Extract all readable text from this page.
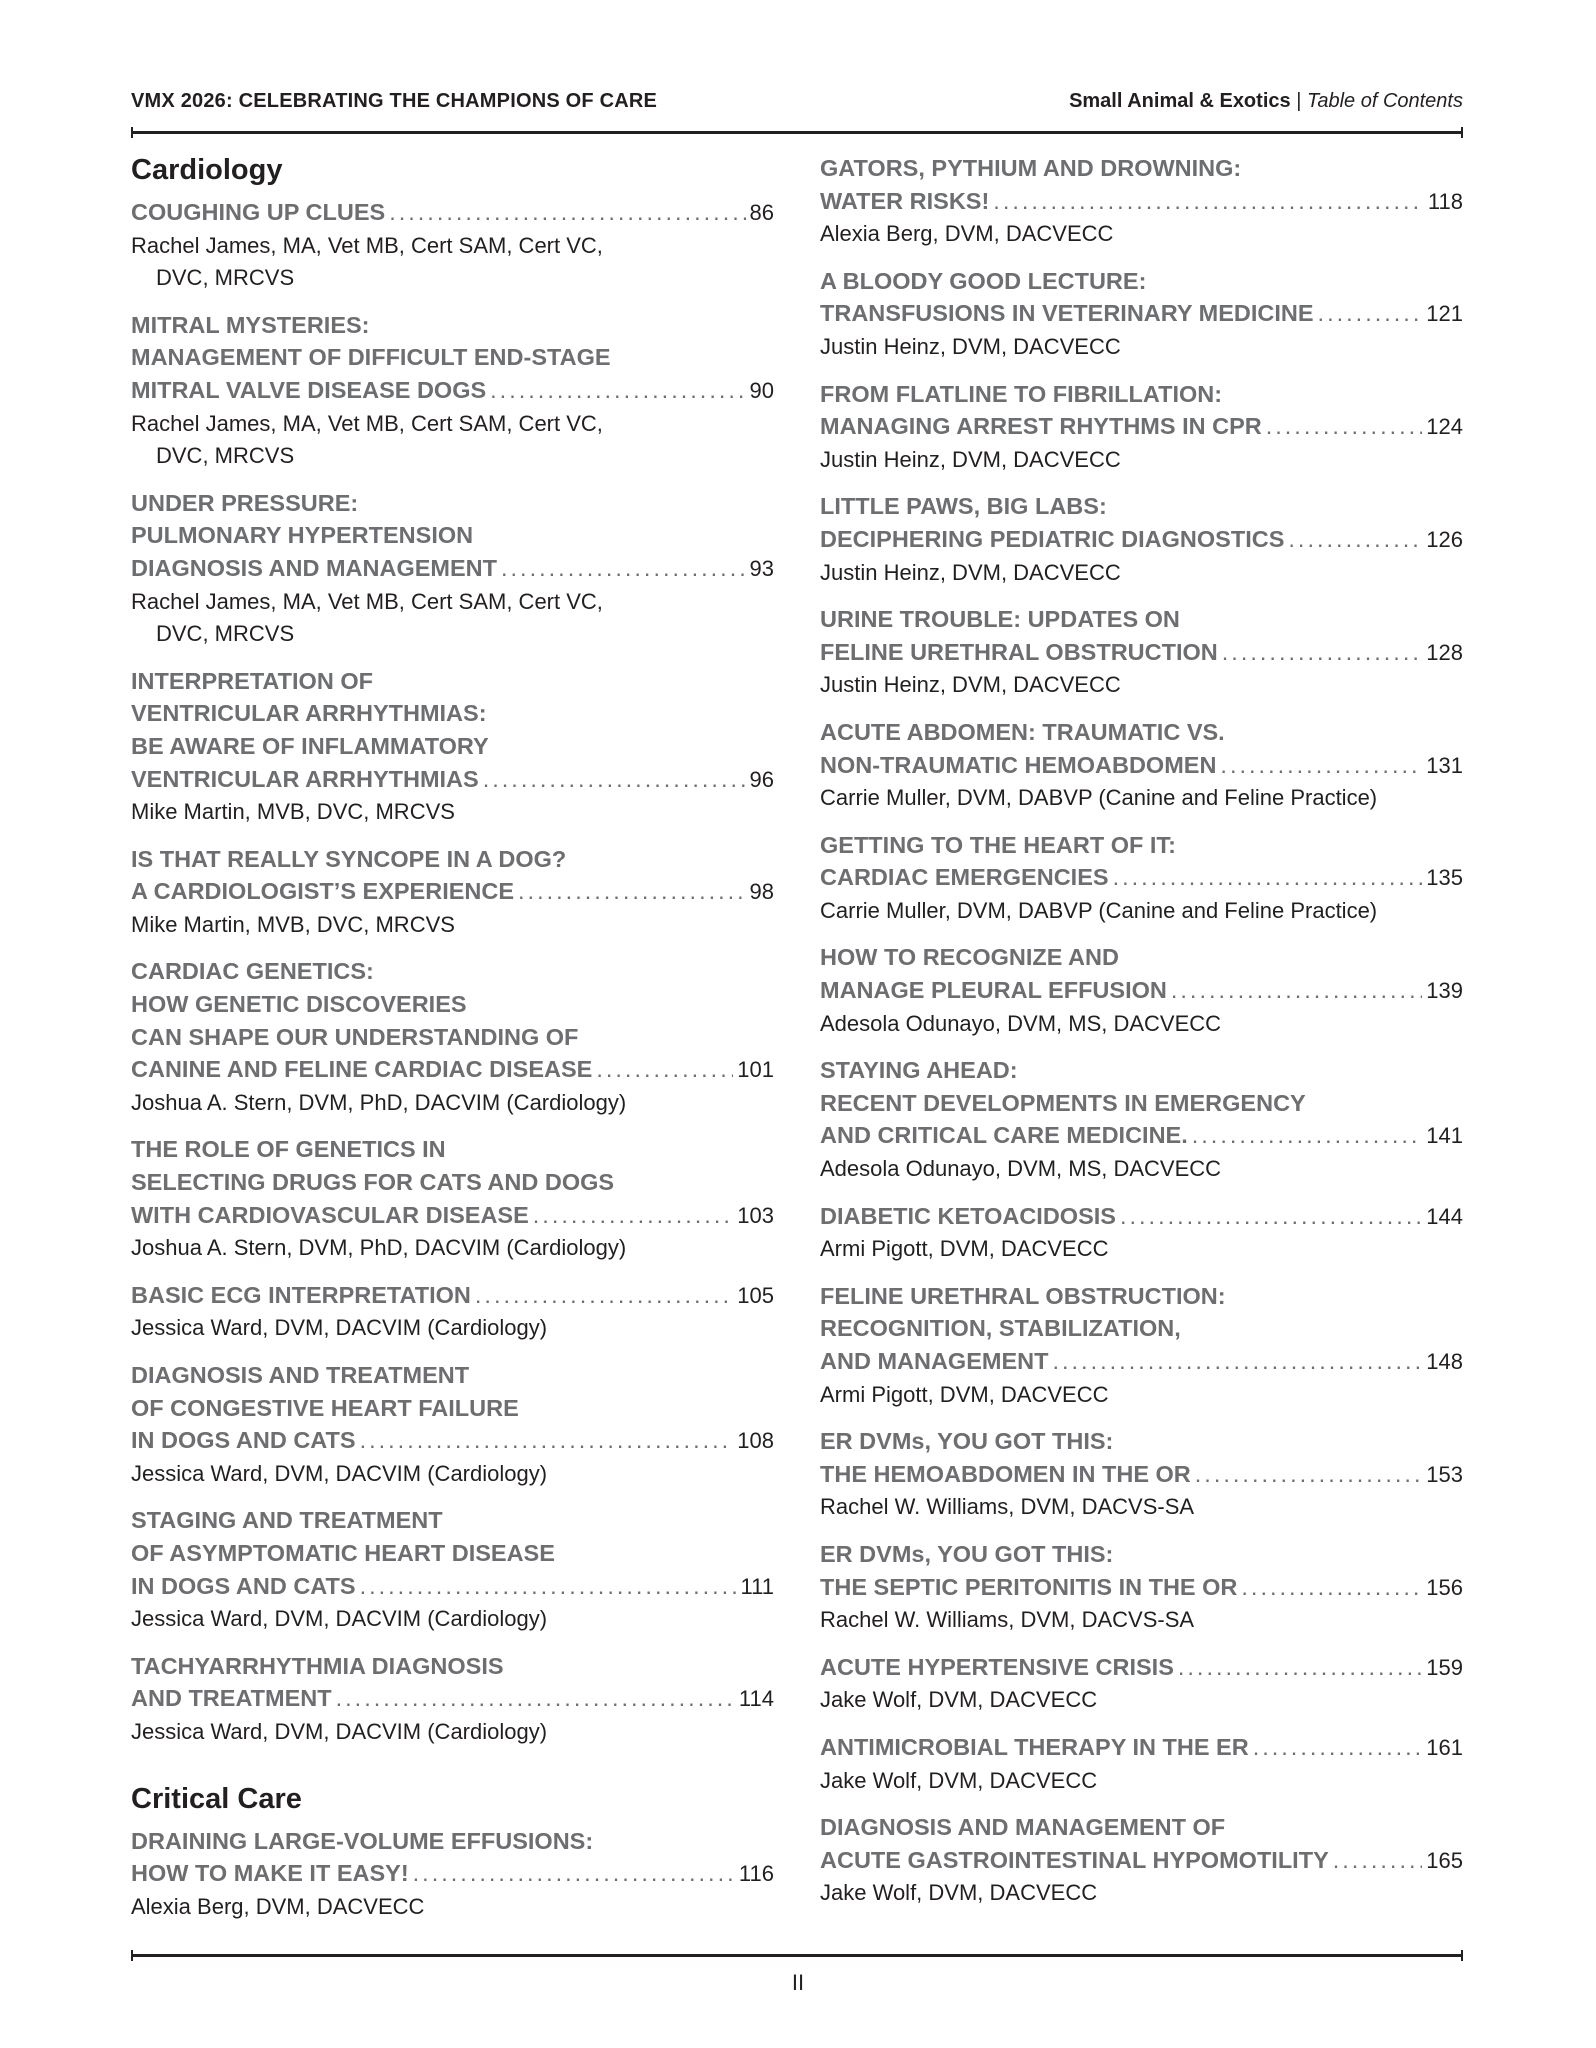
VMX 2026: CELEBRATING THE CHAMPIONS OF CARE	Small Animal & Exotics | Table of Contents
Cardiology
COUGHING UP CLUES .....	86
Rachel James, MA, Vet MB, Cert SAM, Cert VC,
DVC, MRCVS
MITRAL MYSTERIES:
MANAGEMENT OF DIFFICULT END-STAGE
MITRAL VALVE DISEASE DOGS .....	90
Rachel James, MA, Vet MB, Cert SAM, Cert VC,
DVC, MRCVS
UNDER PRESSURE:
PULMONARY HYPERTENSION
DIAGNOSIS AND MANAGEMENT .....	93
Rachel James, MA, Vet MB, Cert SAM, Cert VC,
DVC, MRCVS
INTERPRETATION OF
VENTRICULAR ARRHYTHMIAS:
BE AWARE OF INFLAMMATORY
VENTRICULAR ARRHYTHMIAS .....	96
Mike Martin, MVB, DVC, MRCVS
IS THAT REALLY SYNCOPE IN A DOG?
A CARDIOLOGIST’S EXPERIENCE .....	98
Mike Martin, MVB, DVC, MRCVS
CARDIAC GENETICS:
HOW GENETIC DISCOVERIES
CAN SHAPE OUR UNDERSTANDING OF
CANINE AND FELINE CARDIAC DISEASE .....	101
Joshua A. Stern, DVM, PhD, DACVIM (Cardiology)
THE ROLE OF GENETICS IN
SELECTING DRUGS FOR CATS AND DOGS
WITH CARDIOVASCULAR DISEASE .....	103
Joshua A. Stern, DVM, PhD, DACVIM (Cardiology)
BASIC ECG INTERPRETATION .....	105
Jessica Ward, DVM, DACVIM (Cardiology)
DIAGNOSIS AND TREATMENT
OF CONGESTIVE HEART FAILURE
IN DOGS AND CATS .....	108
Jessica Ward, DVM, DACVIM (Cardiology)
STAGING AND TREATMENT
OF ASYMPTOMATIC HEART DISEASE
IN DOGS AND CATS .....	111
Jessica Ward, DVM, DACVIM (Cardiology)
TACHYARRHYTHMIA DIAGNOSIS
AND TREATMENT .....	114
Jessica Ward, DVM, DACVIM (Cardiology)
Critical Care
DRAINING LARGE-VOLUME EFFUSIONS:
HOW TO MAKE IT EASY! .....	116
Alexia Berg, DVM, DACVECC
GATORS, PYTHIUM AND DROWNING:
WATER RISKS! .....	118
Alexia Berg, DVM, DACVECC
A BLOODY GOOD LECTURE:
TRANSFUSIONS IN VETERINARY MEDICINE .....	121
Justin Heinz, DVM, DACVECC
FROM FLATLINE TO FIBRILLATION:
MANAGING ARREST RHYTHMS IN CPR .....	124
Justin Heinz, DVM, DACVECC
LITTLE PAWS, BIG LABS:
DECIPHERING PEDIATRIC DIAGNOSTICS .....	126
Justin Heinz, DVM, DACVECC
URINE TROUBLE: UPDATES ON
FELINE URETHRAL OBSTRUCTION .....	128
Justin Heinz, DVM, DACVECC
ACUTE ABDOMEN: TRAUMATIC VS.
NON-TRAUMATIC HEMOABDOMEN .....	131
Carrie Muller, DVM, DABVP (Canine and Feline Practice)
GETTING TO THE HEART OF IT:
CARDIAC EMERGENCIES .....	135
Carrie Muller, DVM, DABVP (Canine and Feline Practice)
HOW TO RECOGNIZE AND
MANAGE PLEURAL EFFUSION .....	139
Adesola Odunayo, DVM, MS, DACVECC
STAYING AHEAD:
RECENT DEVELOPMENTS IN EMERGENCY
AND CRITICAL CARE MEDICINE. .....	141
Adesola Odunayo, DVM, MS, DACVECC
DIABETIC KETOACIDOSIS .....	144
Armi Pigott, DVM, DACVECC
FELINE URETHRAL OBSTRUCTION:
RECOGNITION, STABILIZATION,
AND MANAGEMENT .....	148
Armi Pigott, DVM, DACVECC
ER DVMs, YOU GOT THIS:
THE HEMOABDOMEN IN THE OR .....	153
Rachel W. Williams, DVM, DACVS-SA
ER DVMs, YOU GOT THIS:
THE SEPTIC PERITONITIS IN THE OR .....	156
Rachel W. Williams, DVM, DACVS-SA
ACUTE HYPERTENSIVE CRISIS .....	159
Jake Wolf, DVM, DACVECC
ANTIMICROBIAL THERAPY IN THE ER .....	161
Jake Wolf, DVM, DACVECC
DIAGNOSIS AND MANAGEMENT OF
ACUTE GASTROINTESTINAL HYPOMOTILITY .....	165
Jake Wolf, DVM, DACVECC
II
